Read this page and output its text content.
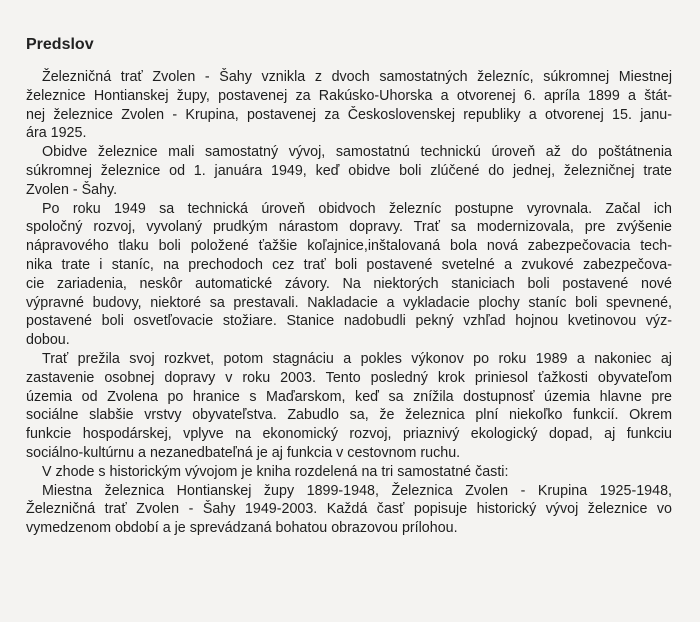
Predslov
Železničná trať Zvolen - Šahy vznikla z dvoch samostatných železníc, súkromnej Miestnej
železnice Hontianskej župy, postavenej za Rakúsko-Uhorska a otvorenej 6. apríla 1899 a štát-
nej železnice Zvolen - Krupina, postavenej za Československej republiky a otvorenej 15. janu-
ára 1925.
Obidve železnice mali samostatný vývoj, samostatnú technickú úroveň až do poštátnenia
súkromnej železnice od 1. januára 1949, keď obidve boli zlúčené do jednej, železničnej trate
Zvolen - Šahy.
Po roku 1949 sa technická úroveň obidvoch železníc postupne vyrovnala. Začal ich
spoločný rozvoj, vyvolaný prudkým nárastom dopravy. Trať sa modernizovala, pre zvýšenie
nápravového tlaku boli položené ťažšie koľajnice,inštalovaná bola nová zabezpečovacia tech-
nika trate i staníc, na prechodoch cez trať boli postavené svetelné a zvukové zabezpečova-
cie zariadenia, neskôr automatické závory. Na niektorých staniciach boli postavené nové
výpravné budovy, niektoré sa prestavali. Nakladacie a vykladacie plochy staníc boli spevnené,
postavené boli osvetľovacie stožiare. Stanice nadobudli pekný vzhľad hojnou kvetinovou výz-
dobou.
Trať prežila svoj rozkvet, potom stagnáciu a pokles výkonov po roku 1989 a nakoniec aj
zastavenie osobnej dopravy v roku 2003. Tento posledný krok priniesol ťažkosti obyvateľom
územia od Zvolena po hranice s Maďarskom, keď sa znížila dostupnosť územia hlavne pre
sociálne slabšie vrstvy obyvateľstva. Zabudlo sa, že železnica plní niekoľko funkcií. Okrem
funkcie hospodárskej, vplyve na ekonomický rozvoj, priaznivý ekologický dopad, aj funkciu
sociálno-kultúrnu a nezanedbateľná je aj funkcia v cestovnom ruchu.
V zhode s historickým vývojom je kniha rozdelená na tri samostatné časti:
Miestna železnica Hontianskej župy 1899-1948, Železnica Zvolen - Krupina 1925-1948,
Železničná trať Zvolen - Šahy 1949-2003. Každá časť popisuje historický vývoj železnice vo
vymedzenom období a je sprevádzaná bohatou obrazovou prílohou.
